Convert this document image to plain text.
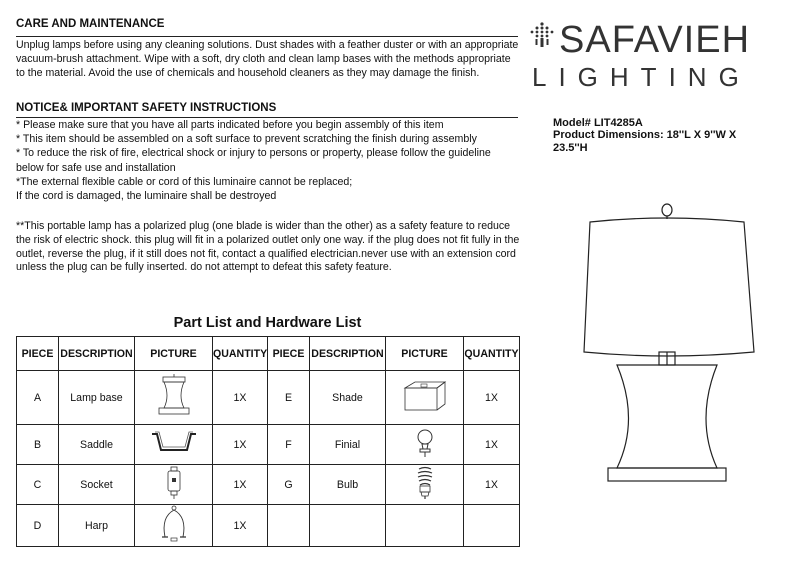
CARE AND MAINTENANCE
Unplug lamps before using any cleaning solutions. Dust shades with a feather duster or with an appropriate
vacuum-brush attachment. Wipe with a soft, dry cloth and clean lamp bases with the methods appropriate
to the material. Avoid the use of chemicals and household cleaners as they may damage the finish.
NOTICE& IMPORTANT SAFETY INSTRUCTIONS
* Please make sure that you have all parts indicated before you begin assembly of this item
* This item should be assembled on a soft surface to prevent scratching the finish during assembly
* To reduce the risk of fire, electrical shock or injury to persons or property, please follow the guideline
below for safe use and installation
*The external flexible cable or cord of this luminaire cannot be replaced;
If the cord is damaged, the luminaire shall be destroyed
**This portable lamp has a polarized plug (one blade is wider than the other) as a safety feature to reduce
the risk of electric shock. this plug will fit in a polarized outlet only one way. if the plug does not fit fully in the
outlet, reverse the plug, if it still does not fit, contact a qualified electrician.never use with an extension cord
unless the plug can be fully inserted. do not attempt to defeat this safety feature.
Part List and Hardware List
PIECE	DESCRIPTION	PICTURE	QUANTITY	PIECE	DESCRIPTION	PICTURE	QUANTITY
A	Lamp base		1X	E	Shade		1X
B	Saddle		1X	F	Finial		1X
C	Socket		1X	G	Bulb		1X
D	Harp		1X				
SAFAVIEH
LIGHTING
Model# LIT4285A
Product Dimensions: 18''L X 9''W X
23.5''H
